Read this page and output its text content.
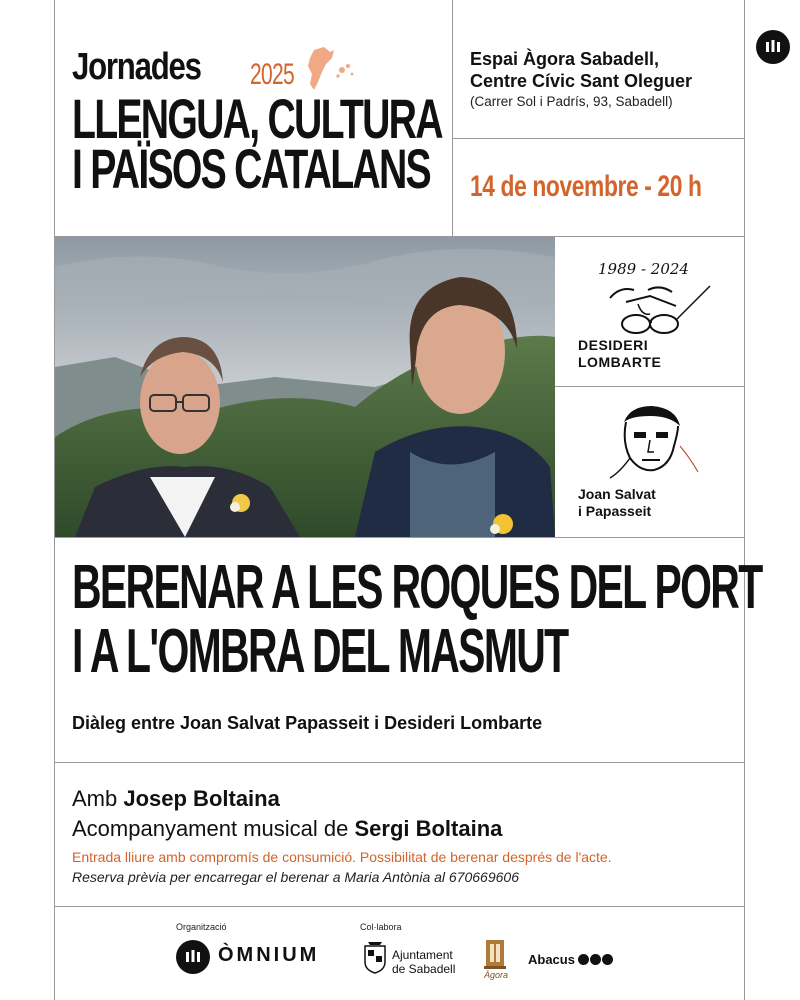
Jornades 2025
LLENGUA, CULTURA
I PAÏSOS CATALANS
Espai Àgora Sabadell,
Centre Cívic Sant Oleguer
(Carrer Sol i Padrís, 93, Sabadell)
14 de novembre - 20 h
1989 - 2024
DESIDERI
LOMBARTE
Joan Salvat
i Papasseit
BERENAR A LES ROQUES DEL PORT
I A L'OMBRA DEL MASMUT
Diàleg entre Joan Salvat Papasseit i Desideri Lombarte
Amb Josep Boltaina
Acompanyament musical de Sergi Boltaina
Entrada lliure amb compromís de consumició. Possibilitat de berenar després de l'acte.
Reserva prèvia per encarregar el berenar a Maria Antònia al 670669606
Organització
ÒMNIUM
Col·labora
Ajuntament
de Sabadell	Àgora
Abacus
